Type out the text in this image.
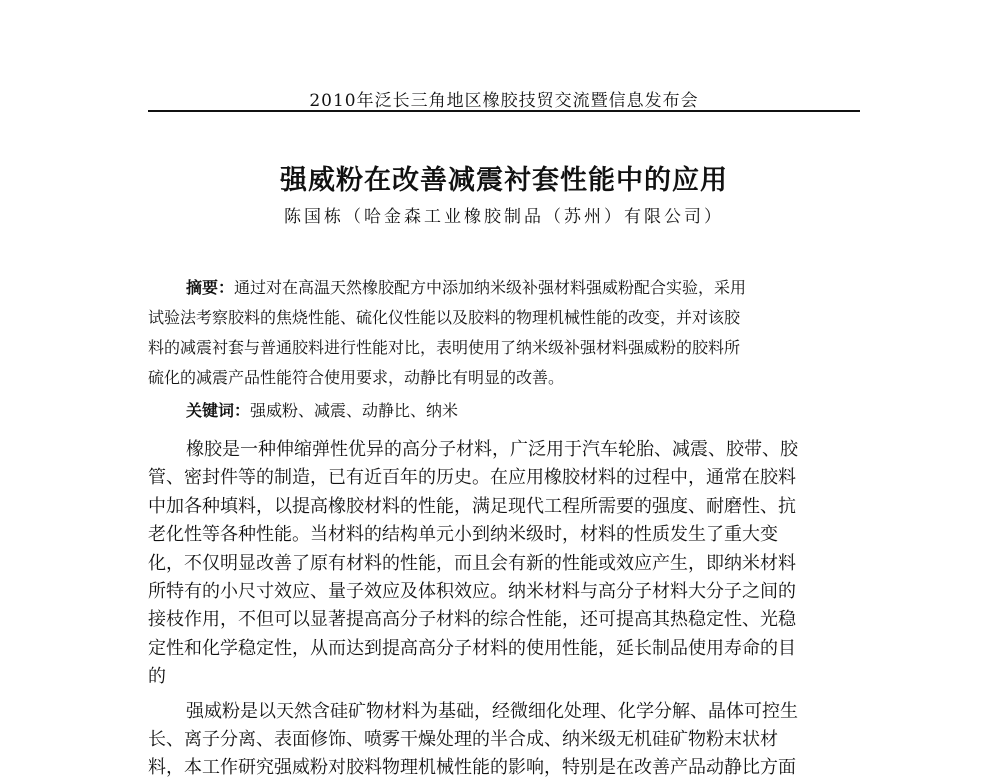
2010年泛长三角地区橡胶技贸交流暨信息发布会
强威粉在改善减震衬套性能中的应用
陈国栋（哈金森工业橡胶制品（苏州）有限公司）
摘要：通过对在高温天然橡胶配方中添加纳米级补强材料强威粉配合实验，采用
试验法考察胶料的焦烧性能、硫化仪性能以及胶料的物理机械性能的改变，并对该胶
料的减震衬套与普通胶料进行性能对比，表明使用了纳米级补强材料强威粉的胶料所
硫化的减震产品性能符合使用要求，动静比有明显的改善。
关键词：强威粉、减震、动静比、纳米
橡胶是一种伸缩弹性优异的高分子材料，广泛用于汽车轮胎、减震、胶带、胶
管、密封件等的制造，已有近百年的历史。在应用橡胶材料的过程中，通常在胶料
中加各种填料，以提高橡胶材料的性能，满足现代工程所需要的强度、耐磨性、抗
老化性等各种性能。当材料的结构单元小到纳米级时，材料的性质发生了重大变
化，不仅明显改善了原有材料的性能，而且会有新的性能或效应产生，即纳米材料
所特有的小尺寸效应、量子效应及体积效应。纳米材料与高分子材料大分子之间的
接枝作用，不但可以显著提高高分子材料的综合性能，还可提高其热稳定性、光稳
定性和化学稳定性，从而达到提高高分子材料的使用性能，延长制品使用寿命的目
的
强威粉是以天然含硅矿物材料为基础，经微细化处理、化学分解、晶体可控生
长、离子分离、表面修饰、喷雾干燥处理的半合成、纳米级无机硅矿物粉末状材
料，本工作研究强威粉对胶料物理机械性能的影响，特别是在改善产品动静比方面
